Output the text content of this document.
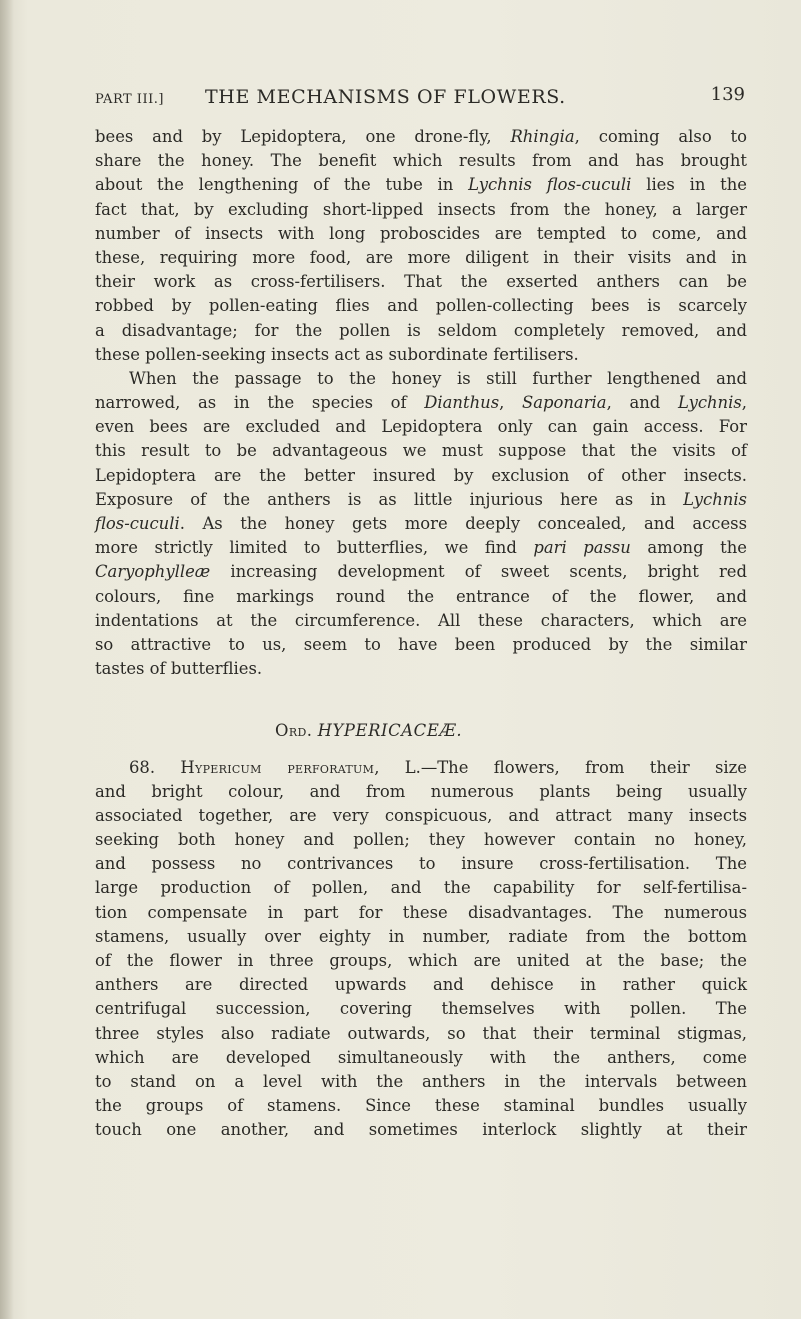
PART III.] THE MECHANISMS OF FLOWERS.	139
bees and by Lepidoptera, one drone-fly, Rhingia, coming also to
share the honey. The benefit which results from and has brought
about the lengthening of the tube in Lychnis flos-cuculi lies in the
fact that, by excluding short-lipped insects from the honey, a larger
number of insects with long proboscides are tempted to come, and
these, requiring more food, are more diligent in their visits and in
their work as cross-fertilisers. That the exserted anthers can be
robbed by pollen-eating flies and pollen-collecting bees is scarcely
a disadvantage; for the pollen is seldom completely removed, and
these pollen-seeking insects act as subordinate fertilisers.
When the passage to the honey is still further lengthened and
narrowed, as in the species of Dianthus, Saponaria, and Lychnis,
even bees are excluded and Lepidoptera only can gain access. For
this result to be advantageous we must suppose that the visits of
Lepidoptera are the better insured by exclusion of other insects.
Exposure of the anthers is as little injurious here as in Lychnis
flos-cuculi. As the honey gets more deeply concealed, and access
more strictly limited to butterflies, we find pari passu among the
Caryophylleæ increasing development of sweet scents, bright red
colours, fine markings round the entrance of the flower, and
indentations at the circumference. All these characters, which are
so attractive to us, seem to have been produced by the similar
tastes of butterflies.
Ord. HYPERICACEÆ.
68. Hypericum perforatum, L.—The flowers, from their size
and bright colour, and from numerous plants being usually
associated together, are very conspicuous, and attract many insects
seeking both honey and pollen; they however contain no honey,
and possess no contrivances to insure cross-fertilisation. The
large production of pollen, and the capability for self-fertilisa-
tion compensate in part for these disadvantages. The numerous
stamens, usually over eighty in number, radiate from the bottom
of the flower in three groups, which are united at the base; the
anthers are directed upwards and dehisce in rather quick
centrifugal succession, covering themselves with pollen. The
three styles also radiate outwards, so that their terminal stigmas,
which are developed simultaneously with the anthers, come
to stand on a level with the anthers in the intervals between
the groups of stamens. Since these staminal bundles usually
touch one another, and sometimes interlock slightly at their
